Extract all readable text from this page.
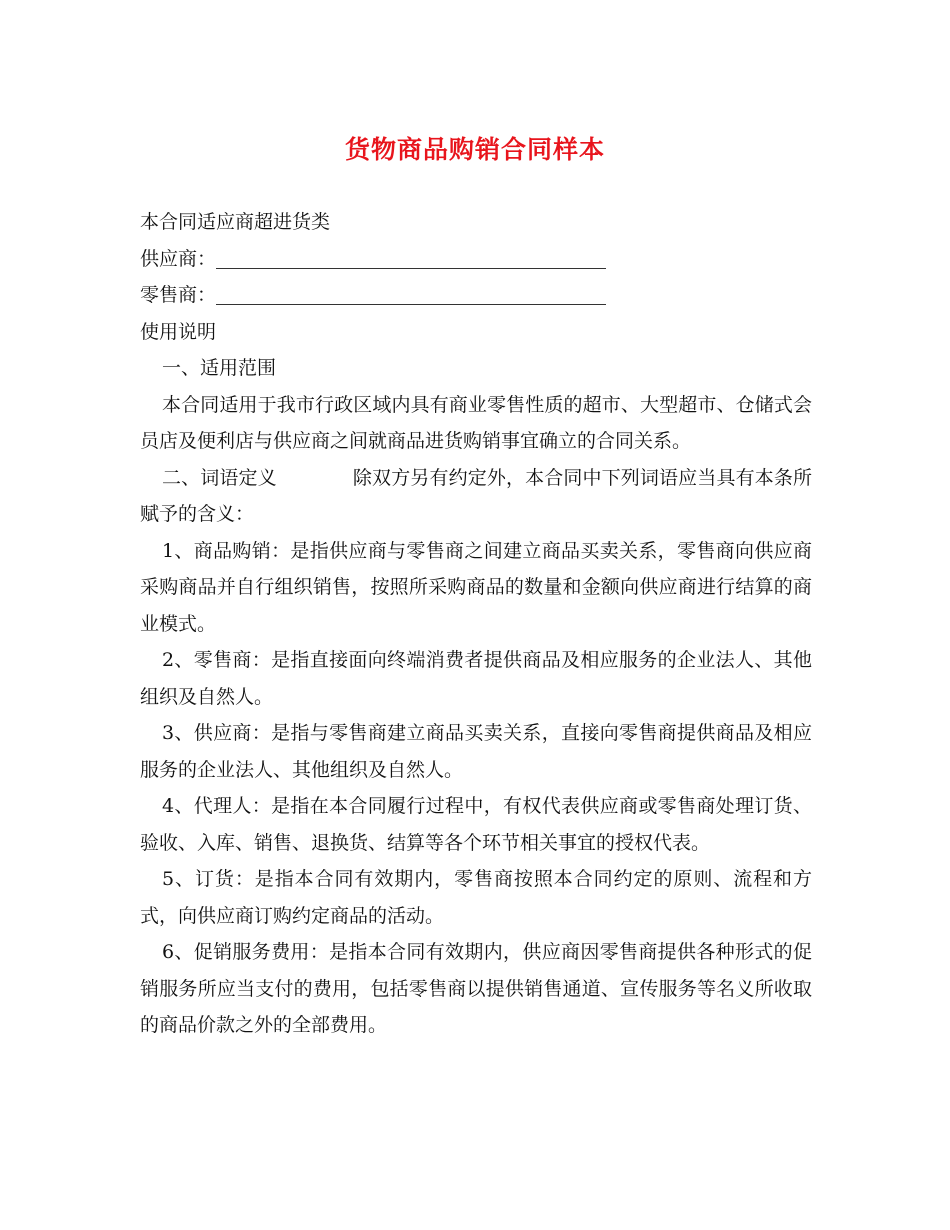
货物商品购销合同样本
本合同适应商超进货类
供应商：
零售商：
使用说明
一、适用范围
本合同适用于我市行政区域内具有商业零售性质的超市、大型超市、仓储式会员店及便利店与供应商之间就商品进货购销事宜确立的合同关系。
二、词语定义	除双方另有约定外，本合同中下列词语应当具有本条所赋予的含义：
1、商品购销：是指供应商与零售商之间建立商品买卖关系，零售商向供应商采购商品并自行组织销售，按照所采购商品的数量和金额向供应商进行结算的商业模式。
2、零售商：是指直接面向终端消费者提供商品及相应服务的企业法人、其他组织及自然人。
3、供应商：是指与零售商建立商品买卖关系，直接向零售商提供商品及相应服务的企业法人、其他组织及自然人。
4、代理人：是指在本合同履行过程中，有权代表供应商或零售商处理订货、验收、入库、销售、退换货、结算等各个环节相关事宜的授权代表。
5、订货：是指本合同有效期内，零售商按照本合同约定的原则、流程和方式，向供应商订购约定商品的活动。
6、促销服务费用：是指本合同有效期内，供应商因零售商提供各种形式的促销服务所应当支付的费用，包括零售商以提供销售通道、宣传服务等名义所收取的商品价款之外的全部费用。
